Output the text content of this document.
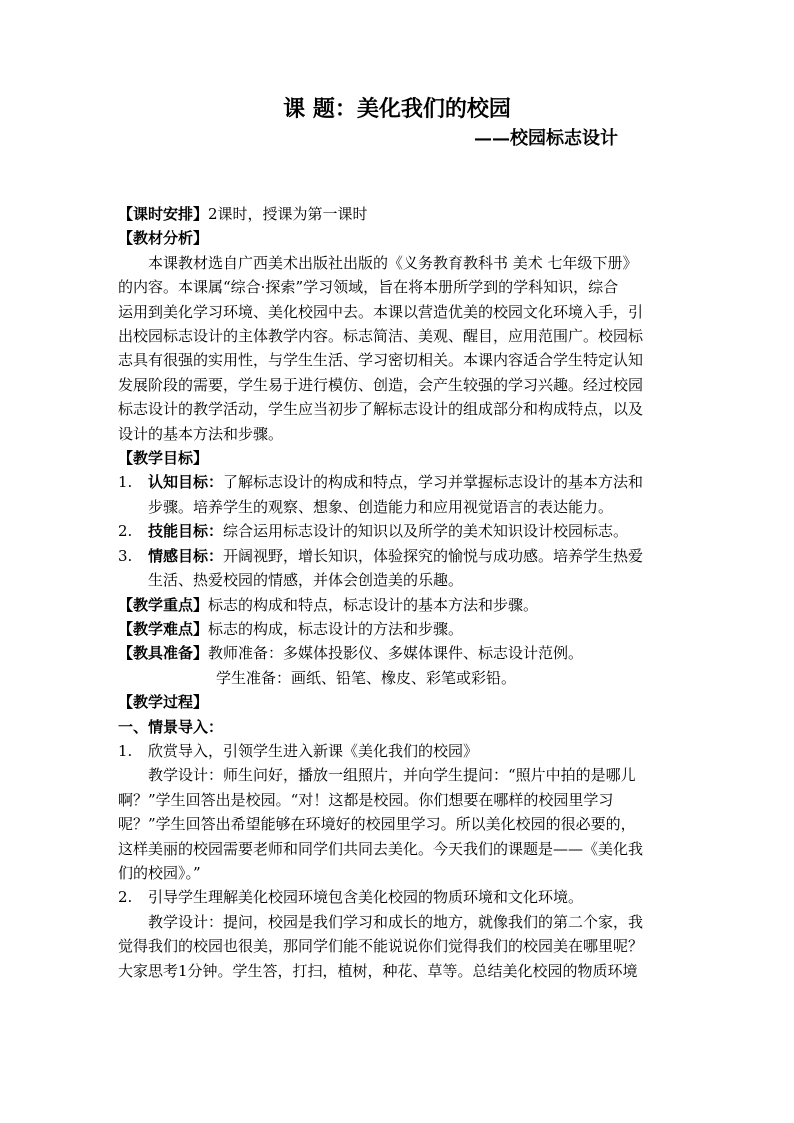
课 题：美化我们的校园
——校园标志设计
【课时安排】2课时，授课为第一课时
【教材分析】
本课教材选自广西美术出版社出版的《义务教育教科书 美术 七年级下册》
的内容。本课属“综合·探索”学习领域，旨在将本册所学到的学科知识，综合
运用到美化学习环境、美化校园中去。本课以营造优美的校园文化环境入手，引
出校园标志设计的主体教学内容。标志简洁、美观、醒目，应用范围广。校园标
志具有很强的实用性，与学生生活、学习密切相关。本课内容适合学生特定认知
发展阶段的需要，学生易于进行模仿、创造，会产生较强的学习兴趣。经过校园
标志设计的教学活动，学生应当初步了解标志设计的组成部分和构成特点，以及
设计的基本方法和步骤。
【教学目标】
1. 认知目标：了解标志设计的构成和特点，学习并掌握标志设计的基本方法和
步骤。培养学生的观察、想象、创造能力和应用视觉语言的表达能力。
2. 技能目标：综合运用标志设计的知识以及所学的美术知识设计校园标志。
3. 情感目标：开阔视野，增长知识，体验探究的愉悦与成功感。培养学生热爱
生活、热爱校园的情感，并体会创造美的乐趣。
【教学重点】标志的构成和特点，标志设计的基本方法和步骤。
【教学难点】标志的构成，标志设计的方法和步骤。
【教具准备】教师准备：多媒体投影仪、多媒体课件、标志设计范例。
学生准备：画纸、铅笔、橡皮、彩笔或彩铅。
【教学过程】
一、情景导入：
1. 欣赏导入，引领学生进入新课《美化我们的校园》
教学设计：师生问好，播放一组照片，并向学生提问：“照片中拍的是哪儿
啊？”学生回答出是校园。“对！这都是校园。你们想要在哪样的校园里学习
呢？”学生回答出希望能够在环境好的校园里学习。所以美化校园的很必要的，
这样美丽的校园需要老师和同学们共同去美化。今天我们的课题是——《美化我
们的校园》。”
2. 引导学生理解美化校园环境包含美化校园的物质环境和文化环境。
教学设计：提问，校园是我们学习和成长的地方，就像我们的第二个家，我
觉得我们的校园也很美，那同学们能不能说说你们觉得我们的校园美在哪里呢？
大家思考1分钟。学生答，打扫，植树，种花、草等。总结美化校园的物质环境
